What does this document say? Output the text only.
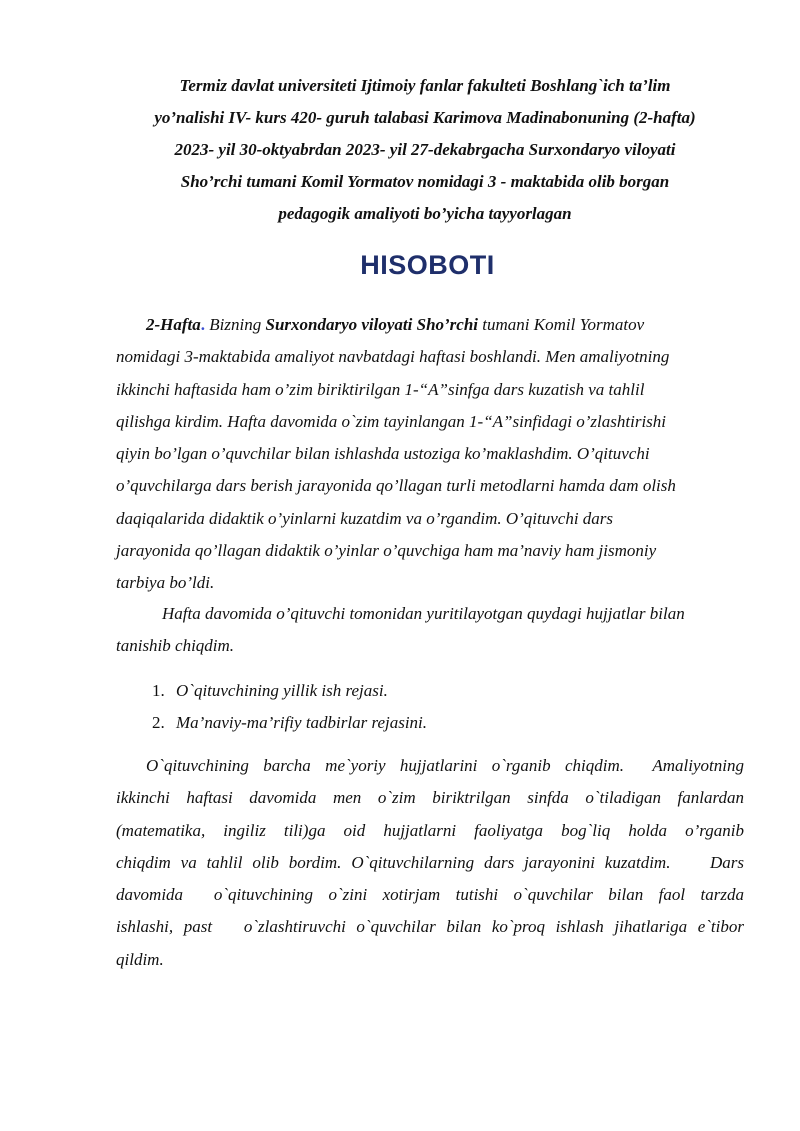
Termiz davlat universiteti Ijtimoiy fanlar fakulteti Boshlang`ich ta’lim
yo’nalishi IV- kurs 420- guruh talabasi Karimova Madinabonuning (2-hafta)
2023- yil 30-oktyabrdan 2023- yil 27-dekabrgacha Surxondaryo viloyati
Sho’rchi tumani Komil Yormatov nomidagi 3 - maktabida olib borgan
pedagogik amaliyoti bo’yicha tayyorlagan
HISOBOTI
2-Hafta. Bizning Surxondaryo viloyati Sho’rchi tumani Komil Yormatov
nomidagi 3-maktabida amaliyot navbatdagi haftasi boshlandi. Men amaliyotning
ikkinchi haftasida ham o’zim biriktirilgan 1-“A”sinfga dars kuzatish va tahlil
qilishga kirdim. Hafta davomida o`zim tayinlangan 1-“A”sinfidagi o’zlashtirishi
qiyin bo’lgan o’quvchilar bilan ishlashda ustoziga ko’maklashdim. O’qituvchi
o’quvchilarga dars berish jarayonida qo’llagan turli metodlarni hamda dam olish
daqiqalarida didaktik o’yinlarni kuzatdim va o’rgandim. O’qituvchi dars
jarayonida qo’llagan didaktik o’yinlar o’quvchiga ham ma’naviy ham jismoniy
tarbiya bo’ldi.
Hafta davomida o’qituvchi tomonidan yuritilayotgan quydagi hujjatlar bilan
tanishib chiqdim.
1. O`qituvchining yillik ish rejasi.
2. Ma’naviy-ma’rifiy tadbirlar rejasini.
O`qituvchining barcha me`yoriy hujjatlarini o`rganib chiqdim.  Amaliyotning
ikkinchi haftasi davomida men o`zim biriktrilgan sinfda o`tiladigan fanlardan
(matematika, ingiliz tili)ga oid hujjatlarni faoliyatga bog`liq holda o’rganib
chiqdim va tahlil olib bordim. O`qituvchilarning dars jarayonini kuzatdim.    Dars
davomida  o`qituvchining o`zini xotirjam tutishi o`quvchilar bilan faol tarzda
ishlashi, past   o`zlashtiruvchi o`quvchilar bilan ko`proq ishlash jihatlariga e`tibor
qildim.
